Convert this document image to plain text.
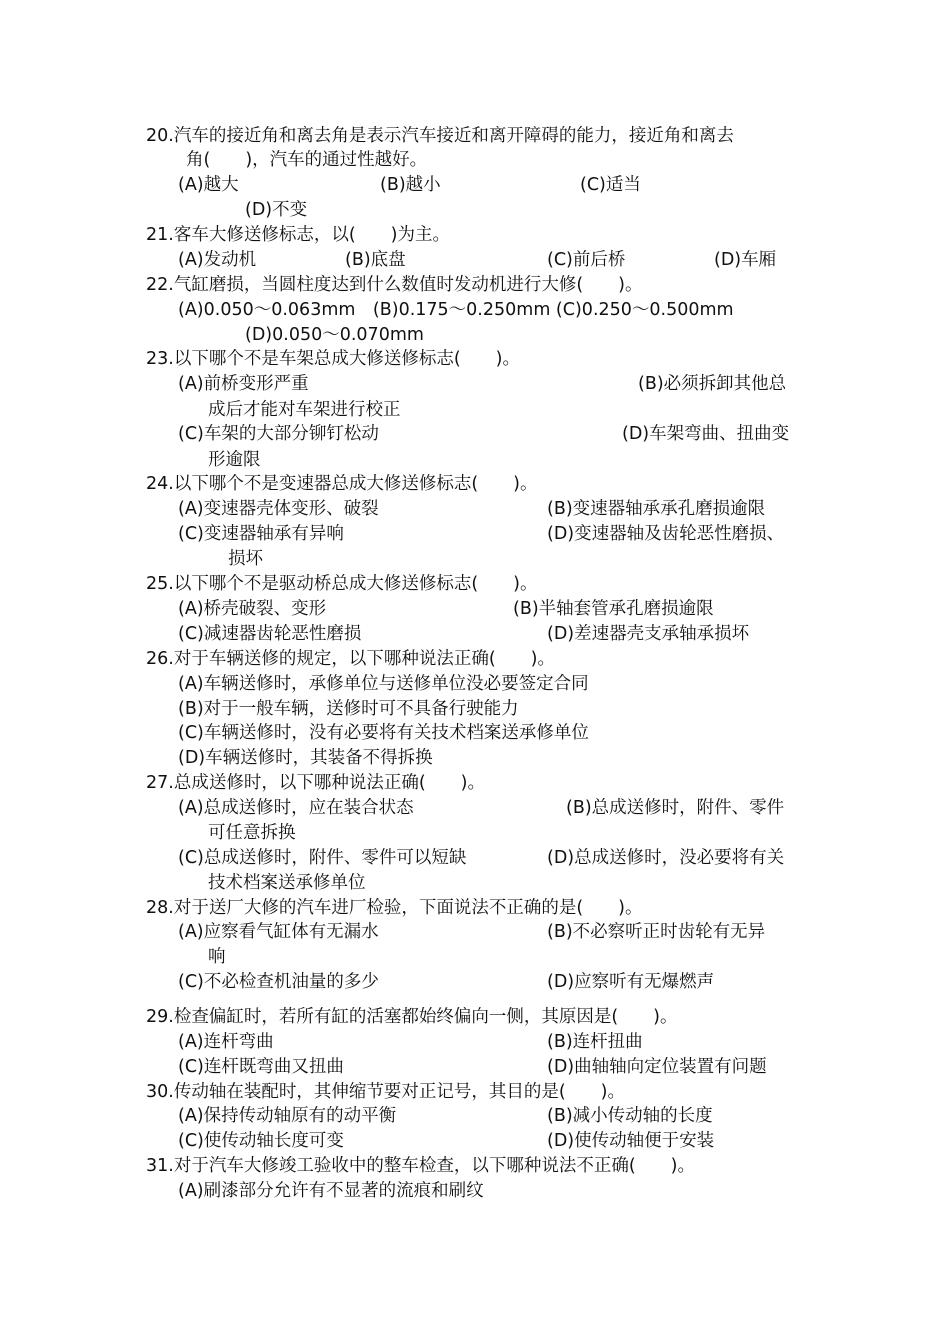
20.汽车的接近角和离去角是表示汽车接近和离开障碍的能力，接近角和离去
角(　　)，汽车的通过性越好。
(A)越大	(B)越小	(C)适当
(D)不变
21.客车大修送修标志，以(　　)为主。
(A)发动机	(B)底盘	(C)前后桥	(D)车厢
22.气缸磨损，当圆柱度达到什么数值时发动机进行大修(　　)。
(A)0.050～0.063mm　(B)0.175～0.250mm (C)0.250～0.500mm
(D)0.050～0.070mm
23.以下哪个不是车架总成大修送修标志(　　)。
(A)前桥变形严重	(B)必须拆卸其他总
成后才能对车架进行校正
(C)车架的大部分铆钉松动	(D)车架弯曲、扭曲变
形逾限
24.以下哪个不是变速器总成大修送修标志(　　)。
(A)变速器壳体变形、破裂	(B)变速器轴承承孔磨损逾限
(C)变速器轴承有异响	(D)变速器轴及齿轮恶性磨损、
损坏
25.以下哪个不是驱动桥总成大修送修标志(　　)。
(A)桥壳破裂、变形	(B)半轴套管承孔磨损逾限
(C)减速器齿轮恶性磨损	(D)差速器壳支承轴承损坏
26.对于车辆送修的规定，以下哪种说法正确(　　)。
(A)车辆送修时，承修单位与送修单位没必要签定合同
(B)对于一般车辆，送修时可不具备行驶能力
(C)车辆送修时，没有必要将有关技术档案送承修单位
(D)车辆送修时，其装备不得拆换
27.总成送修时，以下哪种说法正确(　　)。
(A)总成送修时，应在装合状态	(B)总成送修时，附件、零件
可任意拆换
(C)总成送修时，附件、零件可以短缺	(D)总成送修时，没必要将有关
技术档案送承修单位
28.对于送厂大修的汽车进厂检验，下面说法不正确的是(　　)。
(A)应察看气缸体有无漏水	(B)不必察听正时齿轮有无异
响
(C)不必检查机油量的多少	(D)应察听有无爆燃声
29.检查偏缸时，若所有缸的活塞都始终偏向一侧，其原因是(　　)。
(A)连杆弯曲	(B)连杆扭曲
(C)连杆既弯曲又扭曲	(D)曲轴轴向定位装置有问题
30.传动轴在装配时，其伸缩节要对正记号，其目的是(　　)。
(A)保持传动轴原有的动平衡	(B)减小传动轴的长度
(C)使传动轴长度可变	(D)使传动轴便于安装
31.对于汽车大修竣工验收中的整车检查，以下哪种说法不正确(　　)。
(A)刷漆部分允许有不显著的流痕和刷纹
